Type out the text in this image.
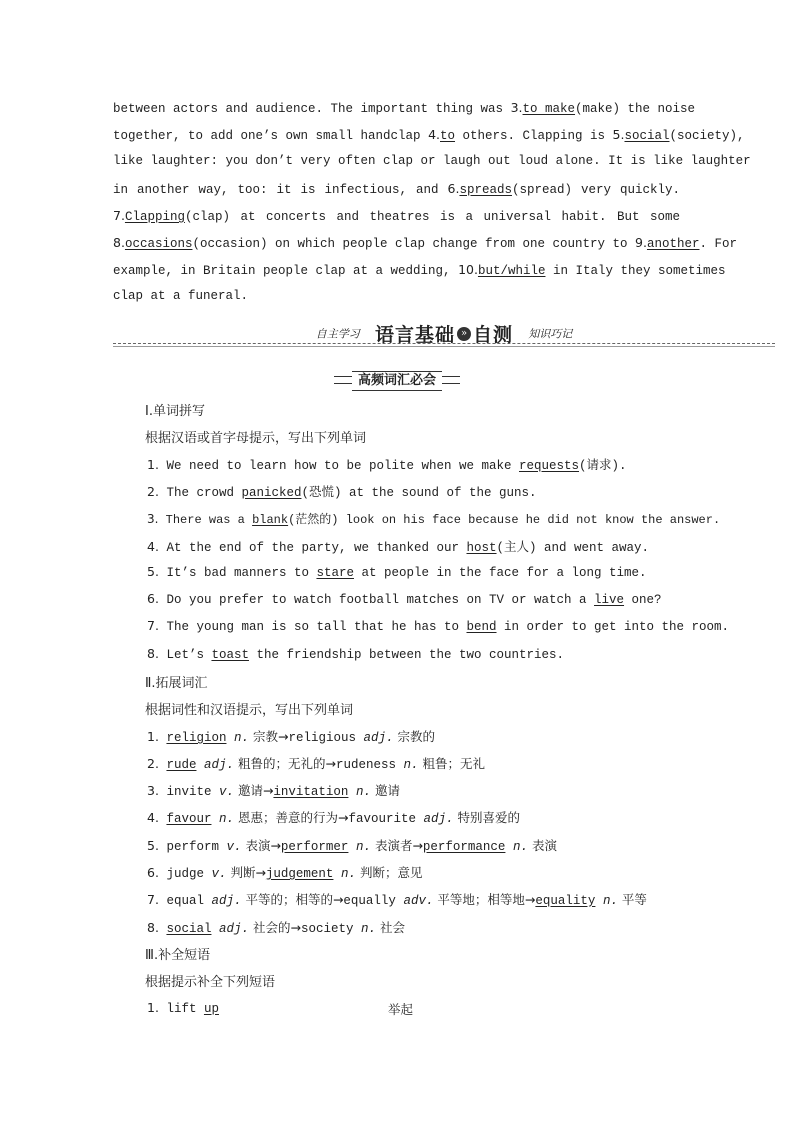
between actors and audience. The important thing was 3.to make(make) the noise
together, to add one’s own small handclap 4.to others. Clapping is 5.social(society),
like laughter: you don’t very often clap or laugh out loud alone. It is like laughter
in another way, too: it is infectious, and 6.spreads(spread) very quickly.
7.Clapping(clap) at concerts and theatres is a universal habit. But some
8.occasions(occasion) on which people clap change from one country to 9.another. For
example, in Britain people clap at a wedding, 10.but/while in Italy they sometimes
clap at a funeral.
自主学习 语言基础 » 自测 知识巧记
高频词汇必会
Ⅰ.单词拼写
根据汉语或首字母提示，写出下列单词
1. We need to learn how to be polite when we make requests(请求).
2. The crowd panicked(恐慌) at the sound of the guns.
3. There was a blank(茫然的) look on his face because he did not know the answer.
4. At the end of the party, we thanked our host(主人) and went away.
5. It’s bad manners to stare at people in the face for a long time.
6. Do you prefer to watch football matches on TV or watch a live one?
7. The young man is so tall that he has to bend in order to get into the room.
8. Let’s toast the friendship between the two countries.
Ⅱ.拓展词汇
根据词性和汉语提示，写出下列单词
1. religion n. 宗教→religious adj. 宗教的
2. rude adj. 粗鲁的；无礼的→rudeness n. 粗鲁；无礼
3. invite v. 邀请→invitation n. 邀请
4. favour n. 恩惠；善意的行为→favourite adj. 特别喜爱的
5. perform v. 表演→performer n. 表演者→performance n. 表演
6. judge v. 判断→judgement n. 判断；意见
7. equal adj. 平等的；相等的→equally adv. 平等地；相等地→equality n. 平等
8. social adj. 社会的→society n. 社会
Ⅲ.补全短语
根据提示补全下列短语
1. lift up	举起
